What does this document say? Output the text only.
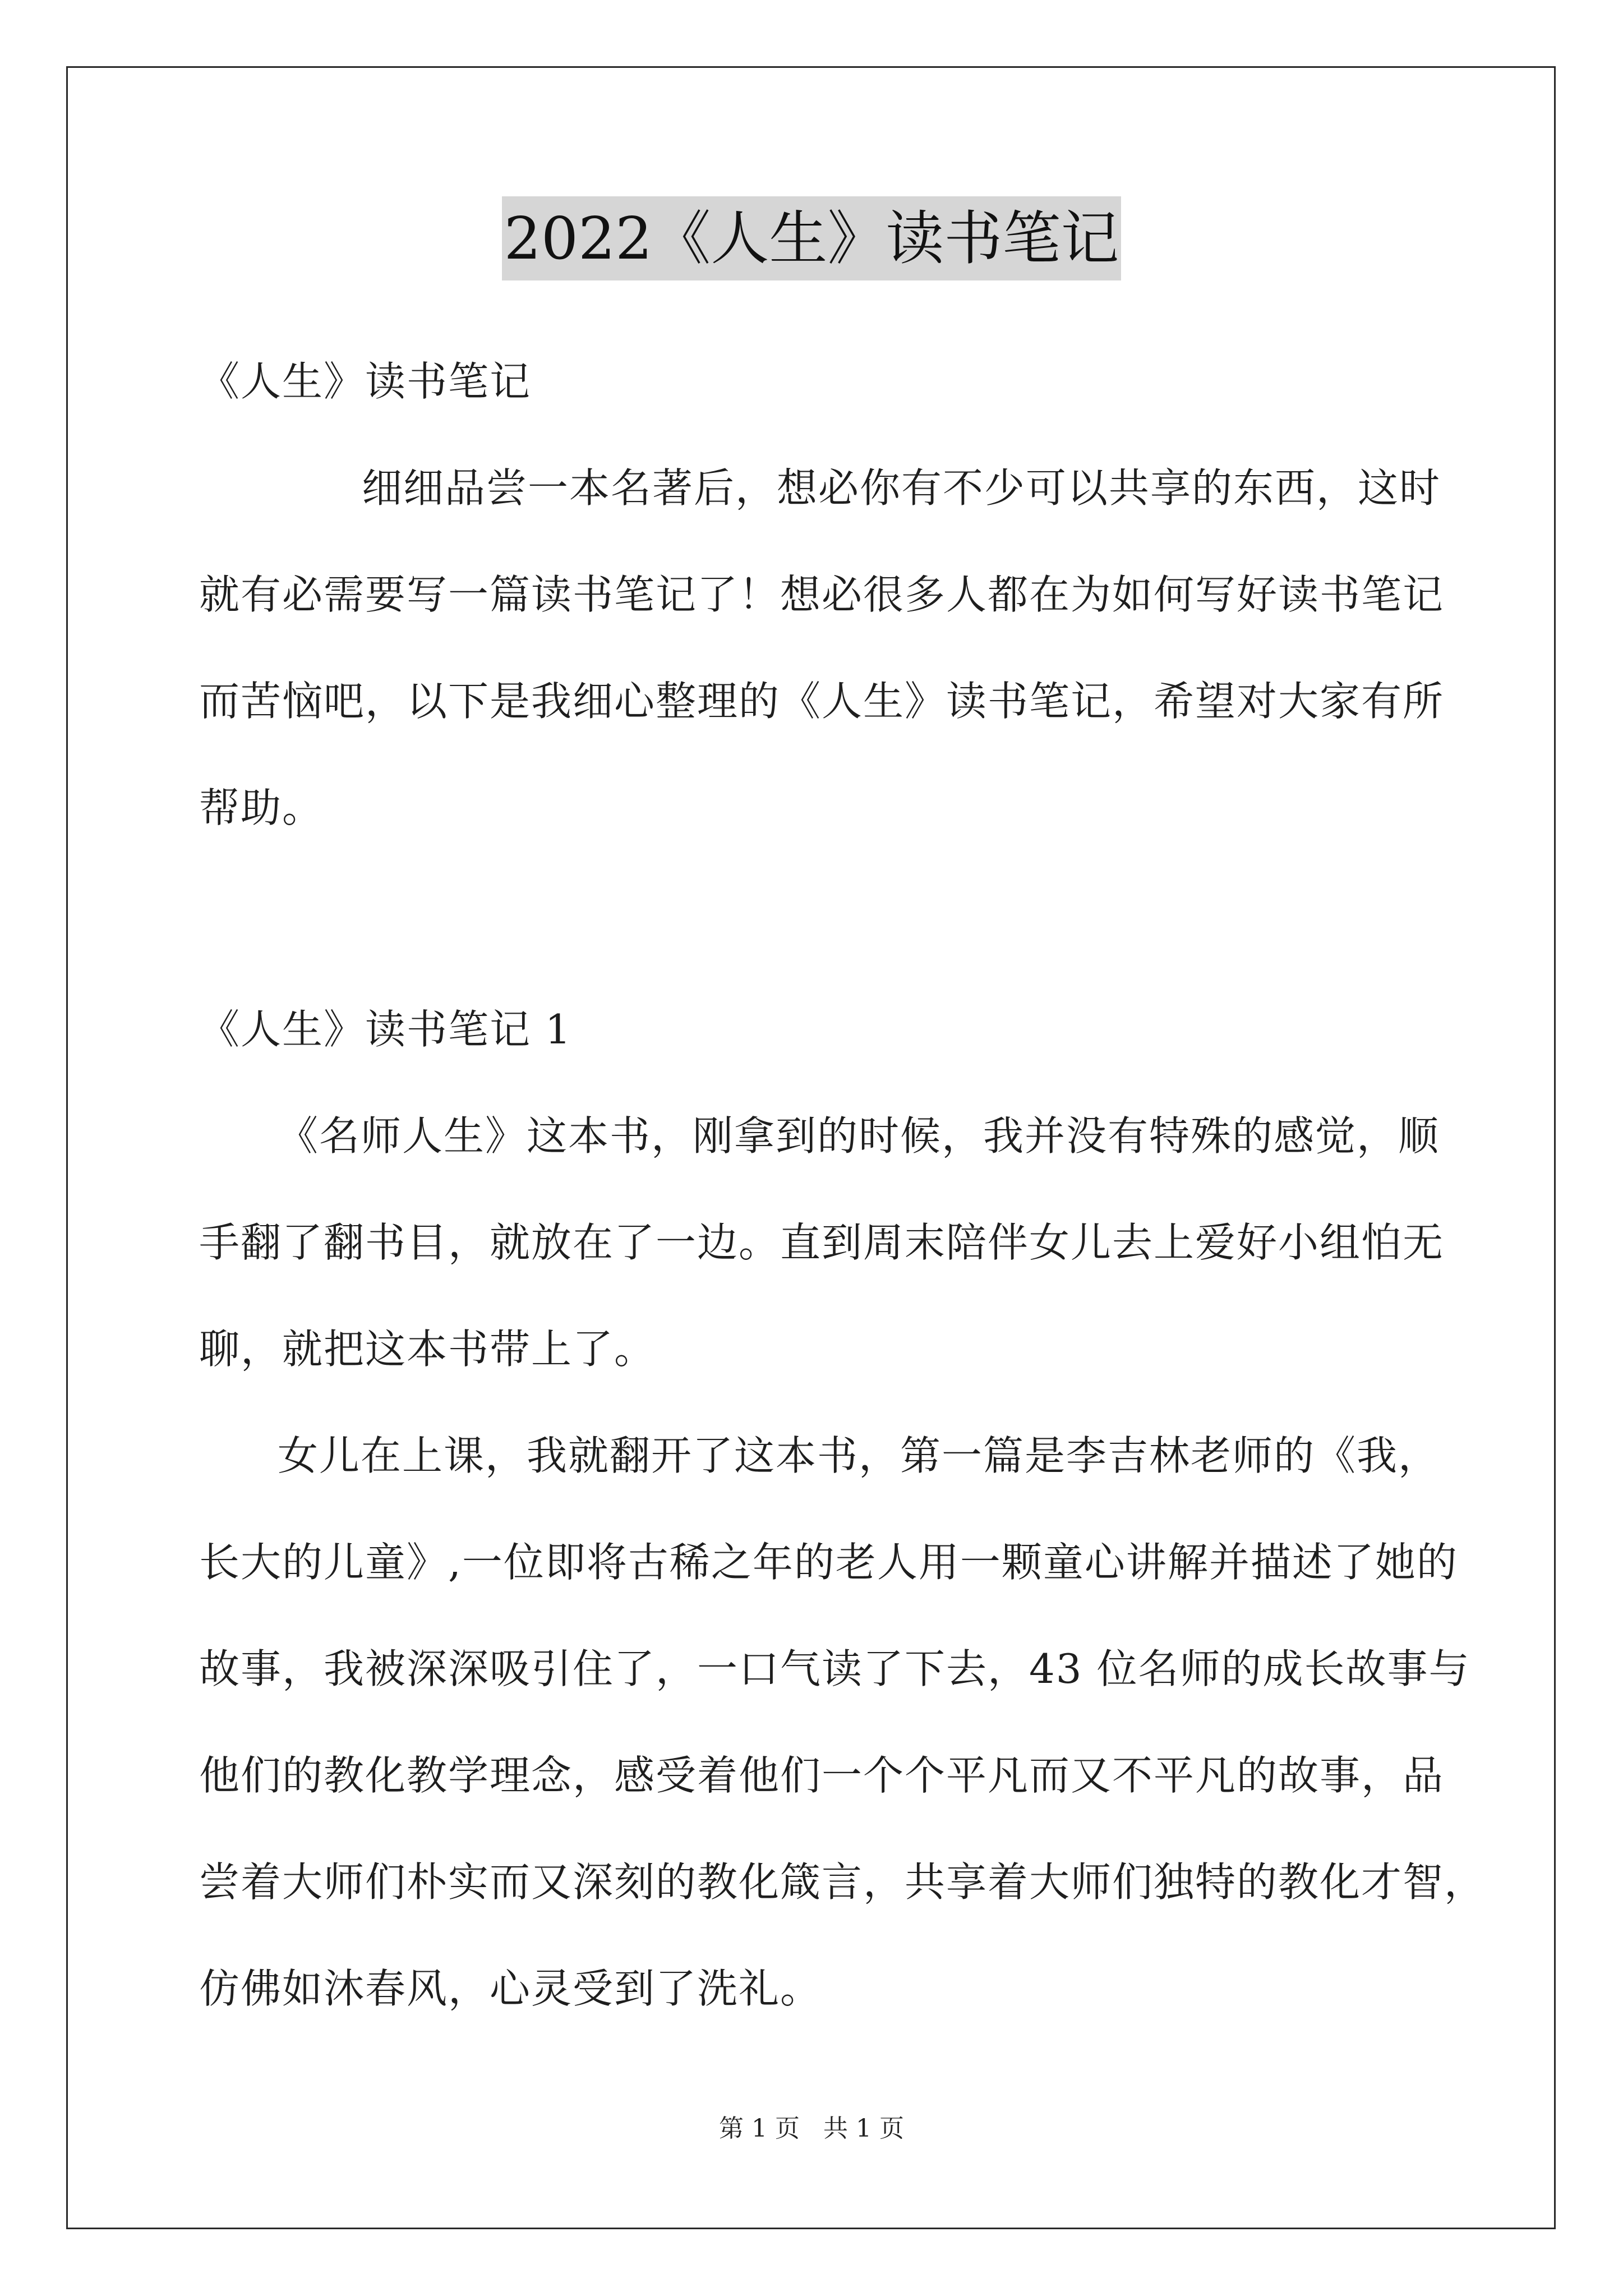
2022《人生》读书笔记
《人生》读书笔记
细细品尝一本名著后，想必你有不少可以共享的东西，这时
就有必需要写一篇读书笔记了！想必很多人都在为如何写好读书笔记
而苦恼吧，以下是我细心整理的《人生》读书笔记，希望对大家有所
帮助。
《人生》读书笔记 1
《名师人生》这本书，刚拿到的时候，我并没有特殊的感觉，顺
手翻了翻书目，就放在了一边。直到周末陪伴女儿去上爱好小组怕无
聊，就把这本书带上了。
女儿在上课，我就翻开了这本书，第一篇是李吉林老师的《我，
长大的儿童》,一位即将古稀之年的老人用一颗童心讲解并描述了她的
故事，我被深深吸引住了，一口气读了下去，43 位名师的成长故事与
他们的教化教学理念，感受着他们一个个平凡而又不平凡的故事，品
尝着大师们朴实而又深刻的教化箴言，共享着大师们独特的教化才智，
仿佛如沐春风，心灵受到了洗礼。
第 1 页 共 1 页
